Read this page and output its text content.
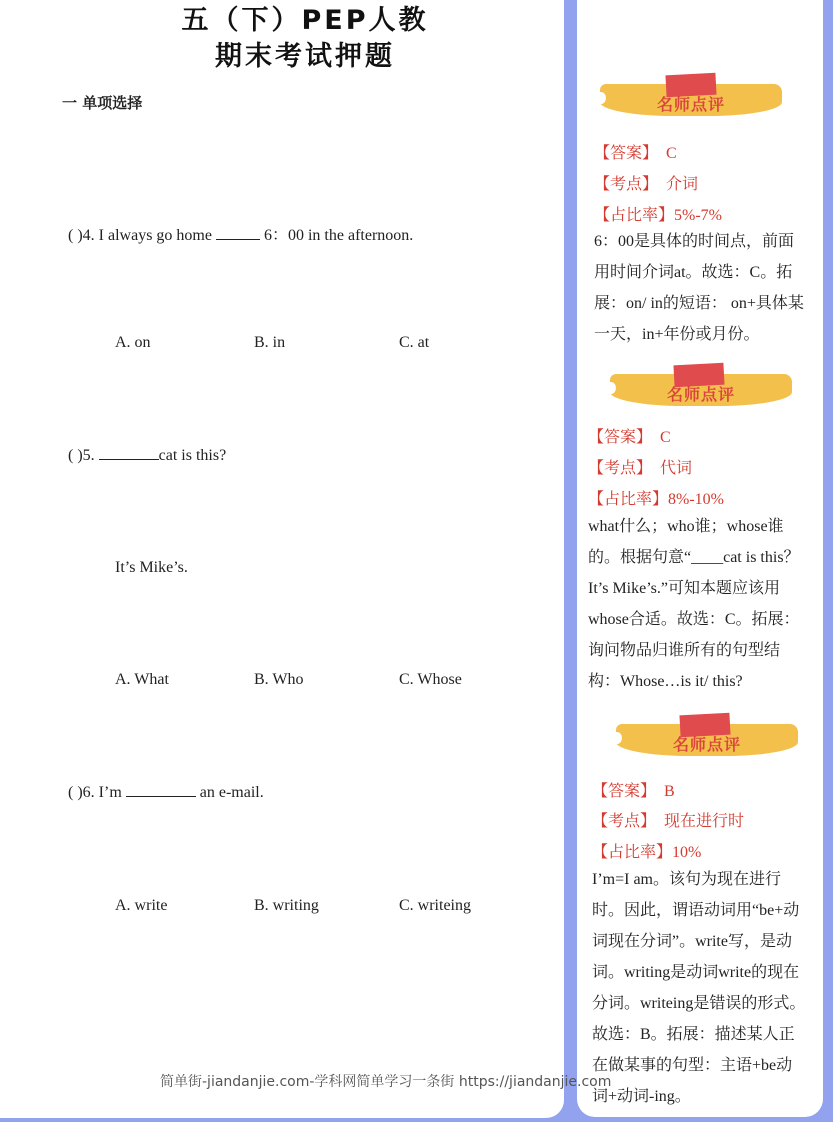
五（下）PEP人教
期末考试押题
一 单项选择
( )4. I always go home	6：00 in the afternoon.
A. on	B. in	C. at
( )5.	cat is this?
It’s Mike’s.
A. What	B. Who	C. Whose
( )6. I’m	an e-mail.
A. write	B. writing	C. writeing
名师点评
【答案】 C
【考点】 介词
【占比率】5%-7%
6：00是具体的时间点，前面用时间介词at。故选：C。拓展：on/ in的短语： on+具体某一天，in+年份或月份。
名师点评
【答案】 C
【考点】 代词
【占比率】8%-10%
what什么；who谁；whose谁的。根据句意“____cat is this？It’s Mike’s.”可知本题应该用whose合适。故选：C。拓展：询问物品归谁所有的句型结构：Whose…is it/ this?
名师点评
【答案】 B
【考点】 现在进行时
【占比率】10%
I’m=I am。该句为现在进行时。因此，谓语动词用“be+动词现在分词”。write写，是动词。writing是动词write的现在分词。writeing是错误的形式。故选：B。拓展：描述某人正在做某事的句型：主语+be动词+动词-ing。
简单街-jiandanjie.com-学科网简单学习一条街 https://jiandanjie.com
